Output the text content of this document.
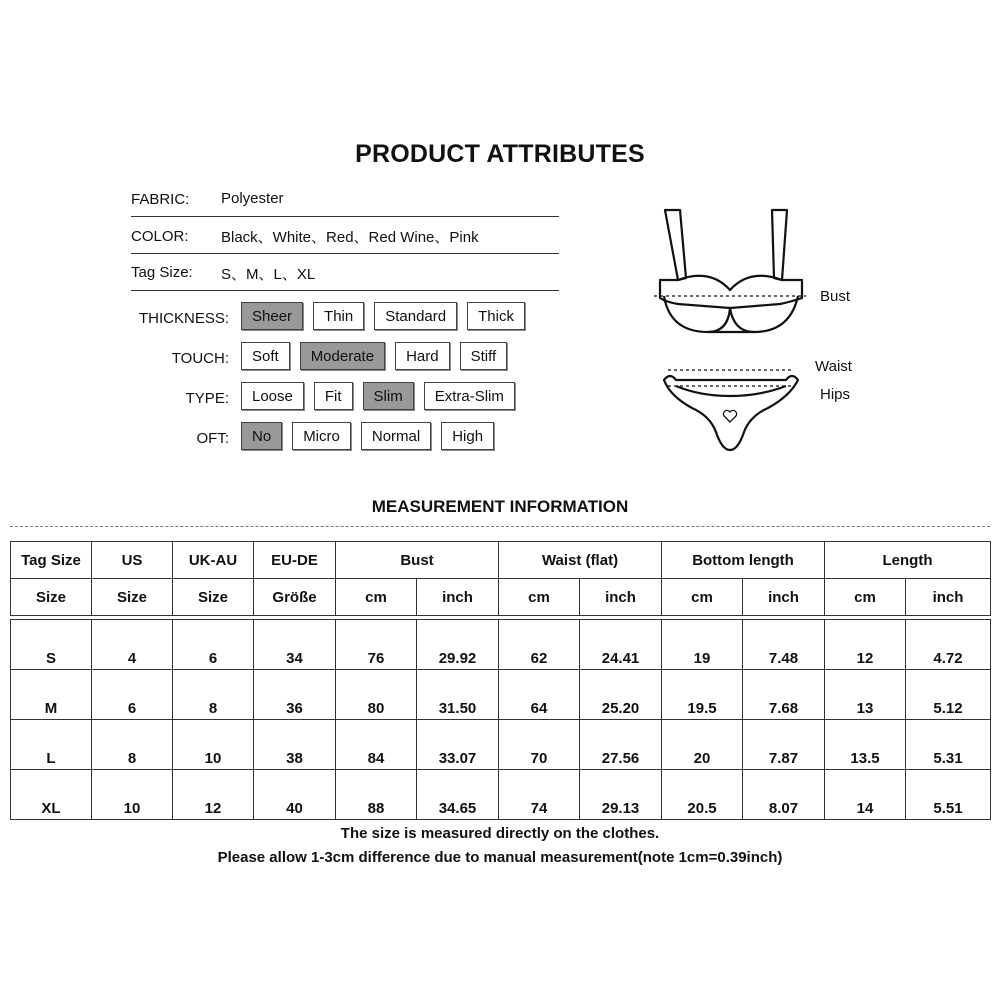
PRODUCT ATTRIBUTES
FABRIC: Polyester
COLOR: Black、White、Red、Red Wine、Pink
Tag Size: S、M、L、XL
THICKNESS:	Sheer	Thin	Standard	Thick
TOUCH:	Soft	Moderate	Hard	Stiff
TYPE:	Loose	Fit	Slim	Extra-Slim
OFT:	No	Micro	Normal	High
Bust
Waist
Hips
MEASUREMENT INFORMATION
Tag Size	US	UK-AU	EU-DE	Bust		Waist (flat)		Bottom length		Length	
Size	Size	Size	Größe	cm	inch	cm	inch	cm	inch	cm	inch

S	4	6	34	76	29.92	62	24.41	19	7.48	12	4.72
M	6	8	36	80	31.50	64	25.20	19.5	7.68	13	5.12
L	8	10	38	84	33.07	70	27.56	20	7.87	13.5	5.31
XL	10	12	40	88	34.65	74	29.13	20.5	8.07	14	5.51
The size is measured directly on the clothes.
Please allow 1-3cm difference due to manual measurement(note 1cm=0.39inch)
